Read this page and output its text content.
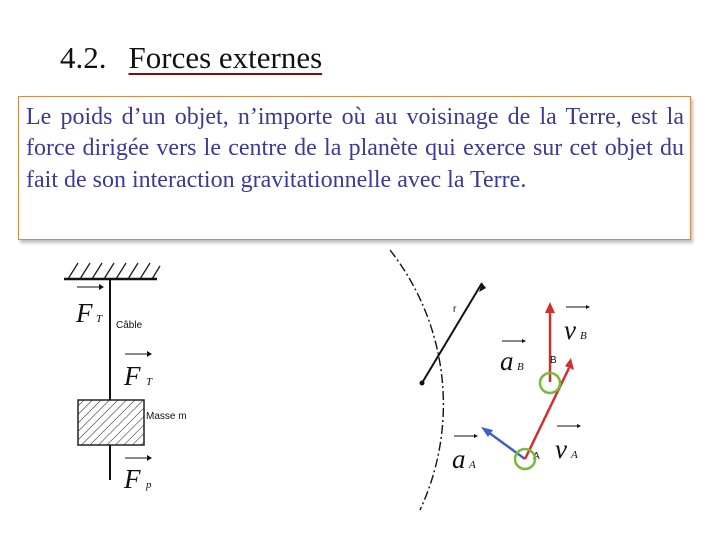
4.2. Forces externes

Le poids d’un objet, n’importe où au voisinage de la Terre, est la force dirigée vers le centre de la planète qui exerce sur cet objet du fait de son interaction gravitationnelle avec la Terre.

F T
Câble
F T
Masse m
F p
r
v B
a B
B
a A
v A
A
